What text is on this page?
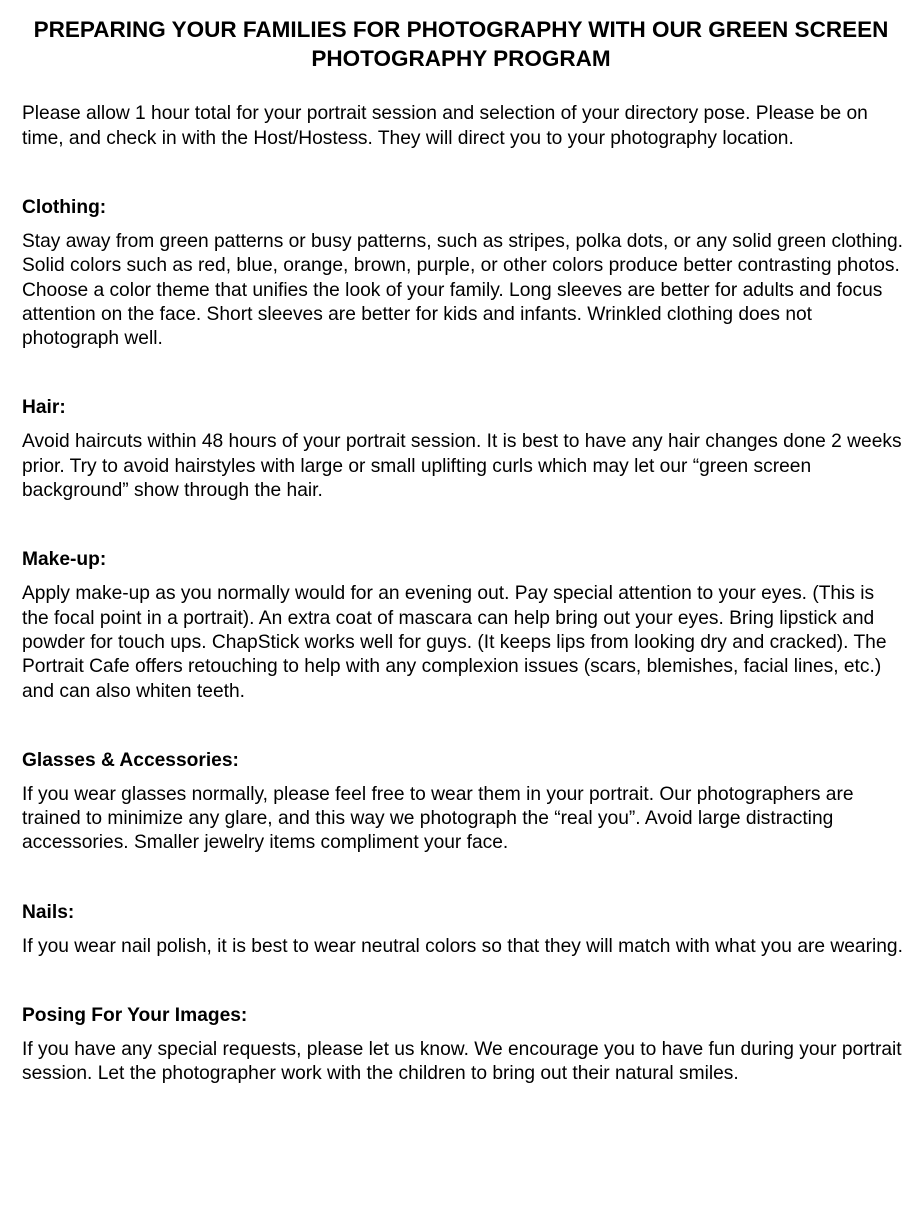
PREPARING YOUR FAMILIES FOR PHOTOGRAPHY WITH OUR GREEN SCREEN PHOTOGRAPHY PROGRAM

Please allow 1 hour total for your portrait session and selection of your directory pose. Please be on time, and check in with the Host/Hostess. They will direct you to your photography location.

Clothing:

Stay away from green patterns or busy patterns, such as stripes, polka dots, or any solid green clothing. Solid colors such as red, blue, orange, brown, purple, or other colors produce better contrasting photos. Choose a color theme that unifies the look of your family. Long sleeves are better for adults and focus attention on the face. Short sleeves are better for kids and infants. Wrinkled clothing does not photograph well.

Hair:

Avoid haircuts within 48 hours of your portrait session. It is best to have any hair changes done 2 weeks prior. Try to avoid hairstyles with large or small uplifting curls which may let our “green screen background” show through the hair.

Make-up:

Apply make-up as you normally would for an evening out. Pay special attention to your eyes. (This is the focal point in a portrait). An extra coat of mascara can help bring out your eyes. Bring lipstick and powder for touch ups. ChapStick works well for guys. (It keeps lips from looking dry and cracked). The Portrait Cafe offers retouching to help with any complexion issues (scars, blemishes, facial lines, etc.) and can also whiten teeth.

Glasses & Accessories:

If you wear glasses normally, please feel free to wear them in your portrait. Our photographers are trained to minimize any glare, and this way we photograph the “real you”. Avoid large distracting accessories. Smaller jewelry items compliment your face.

Nails:

If you wear nail polish, it is best to wear neutral colors so that they will match with what you are wearing.

Posing For Your Images:

If you have any special requests, please let us know. We encourage you to have fun during your portrait session. Let the photographer work with the children to bring out their natural smiles.
